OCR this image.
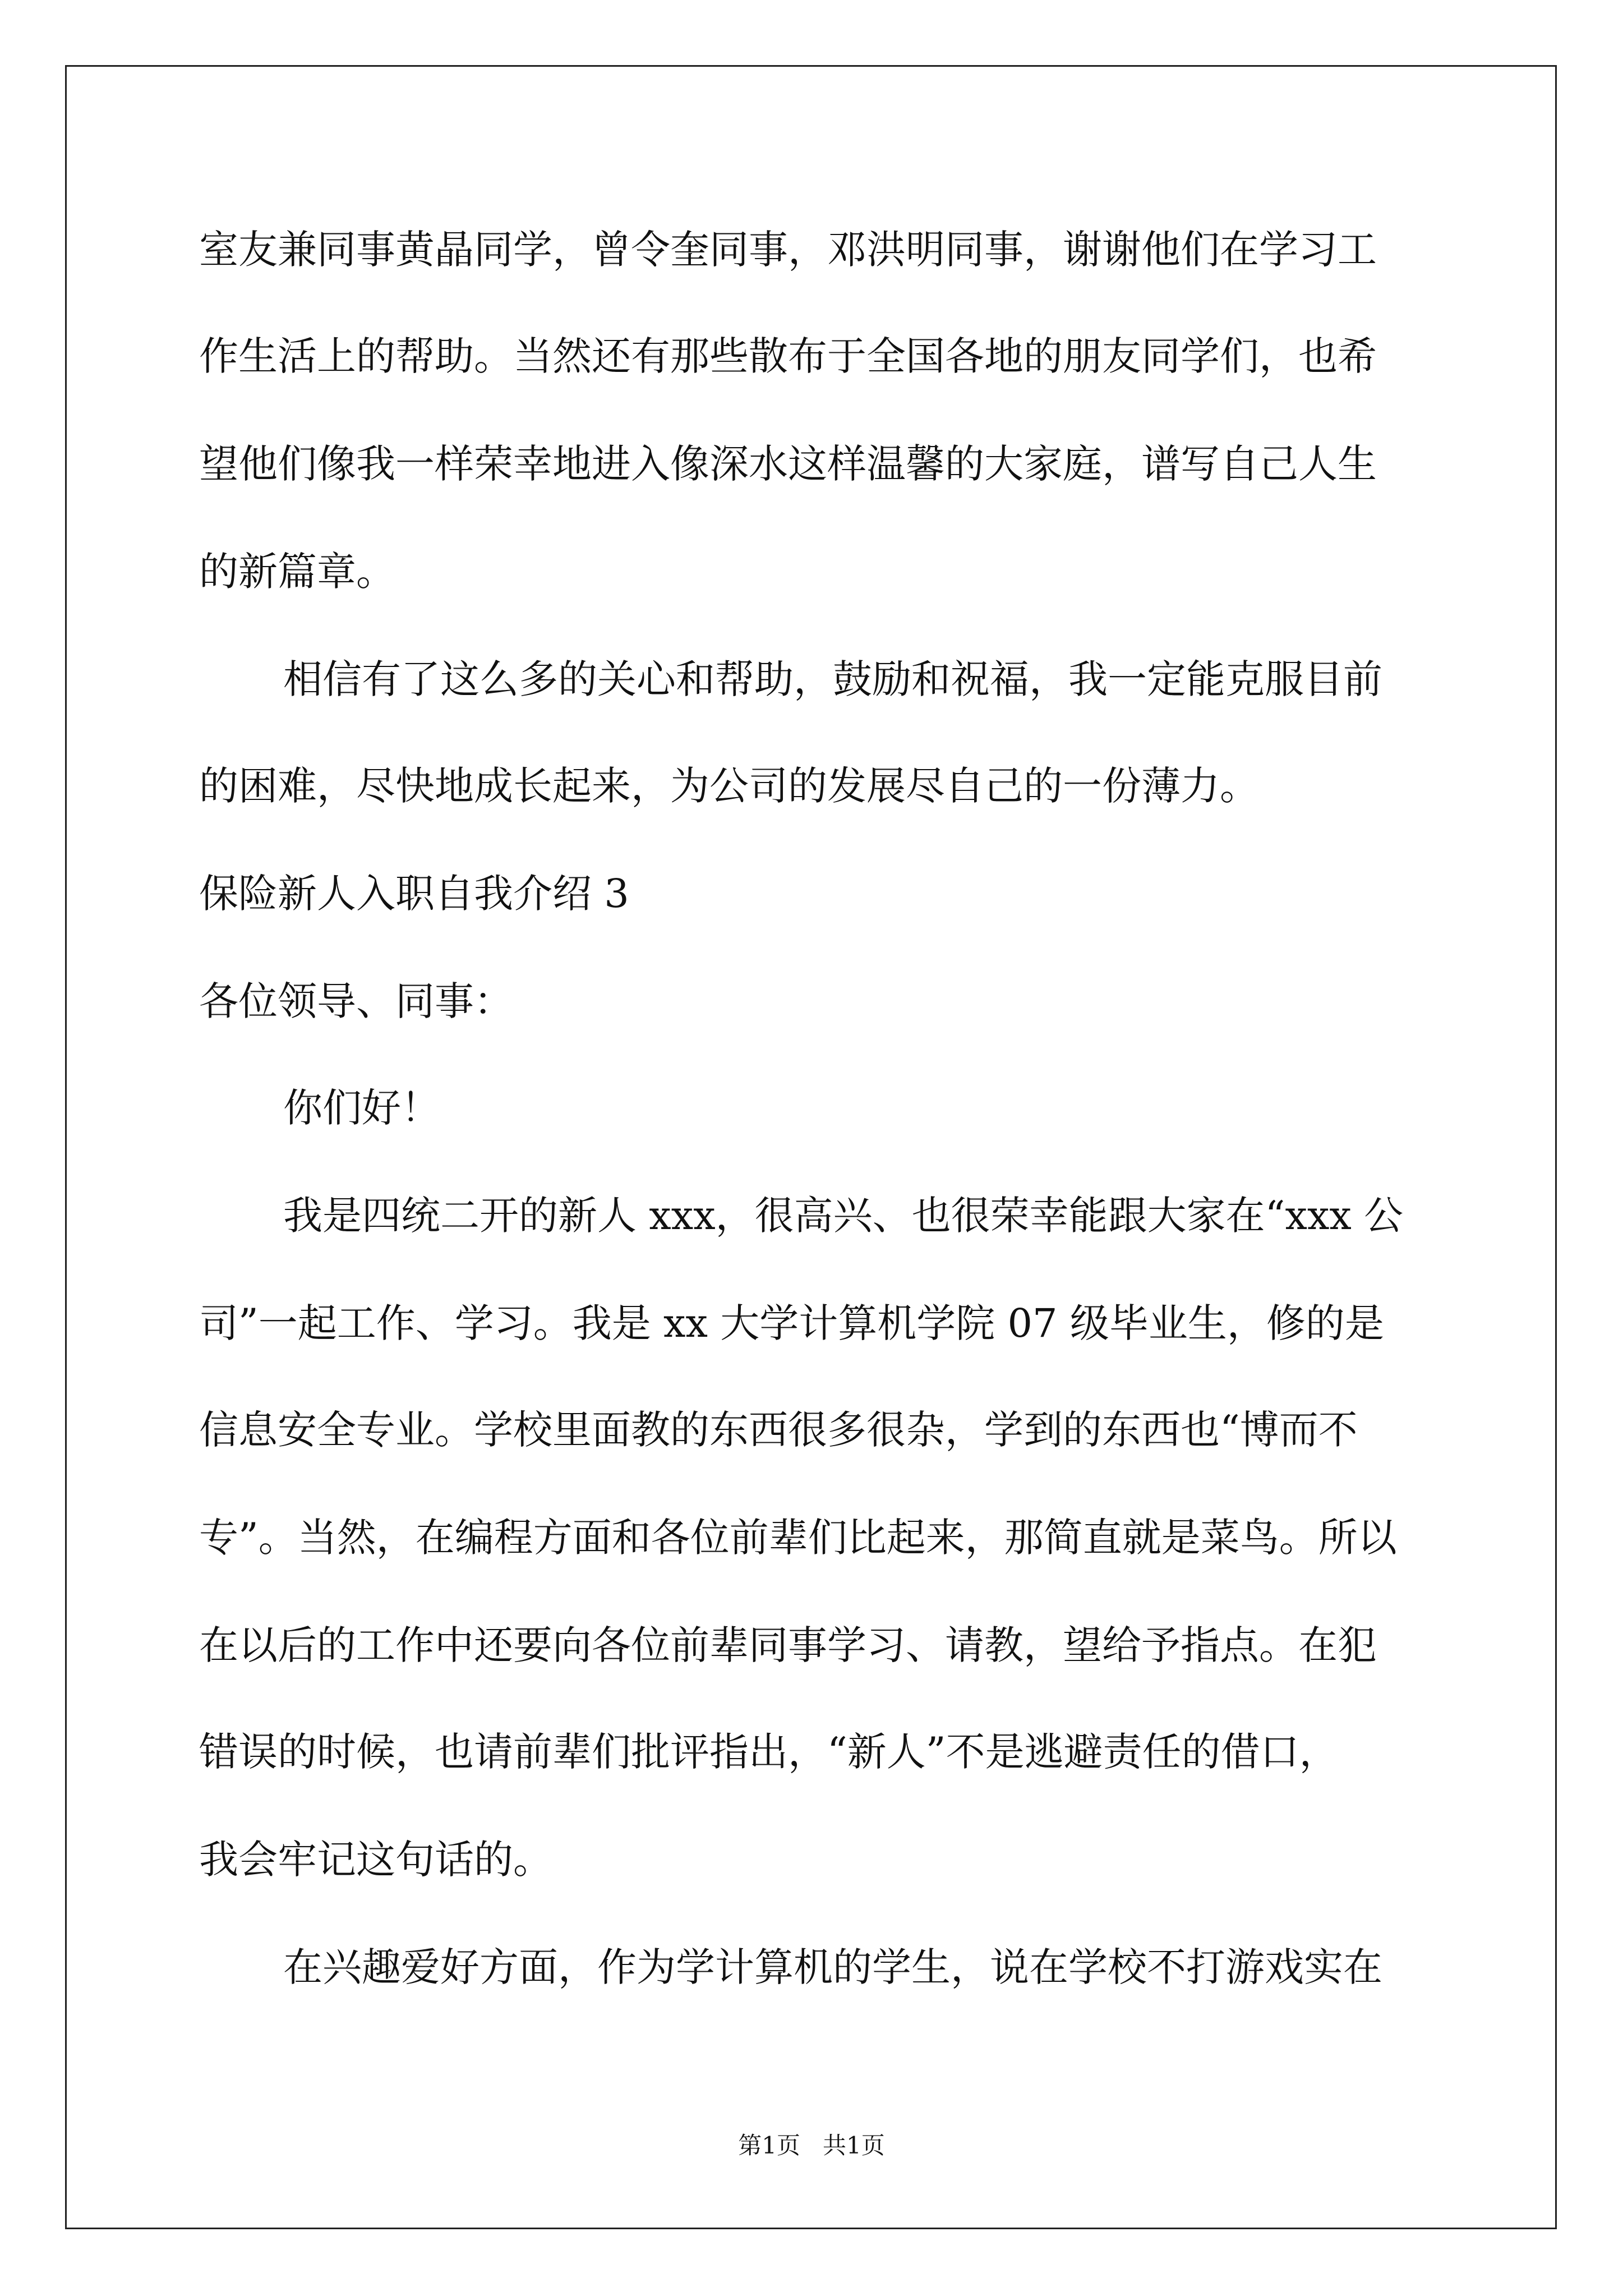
室友兼同事黄晶同学，曾令奎同事，邓洪明同事，谢谢他们在学习工
作生活上的帮助。当然还有那些散布于全国各地的朋友同学们，也希
望他们像我一样荣幸地进入像深水这样温馨的大家庭，谱写自己人生
的新篇章。
相信有了这么多的关心和帮助，鼓励和祝福，我一定能克服目前
的困难，尽快地成长起来，为公司的发展尽自己的一份薄力。
保险新人入职自我介绍 3
各位领导、同事：
你们好！
我是四统二开的新人 xxx，很高兴、也很荣幸能跟大家在“xxx 公
司”一起工作、学习。我是 xx 大学计算机学院 07 级毕业生，修的是
信息安全专业。学校里面教的东西很多很杂，学到的东西也“博而不
专”。当然，在编程方面和各位前辈们比起来，那简直就是菜鸟。所以
在以后的工作中还要向各位前辈同事学习、请教，望给予指点。在犯
错误的时候，也请前辈们批评指出，“新人”不是逃避责任的借口，
我会牢记这句话的。
在兴趣爱好方面，作为学计算机的学生，说在学校不打游戏实在
第1页   共1页
